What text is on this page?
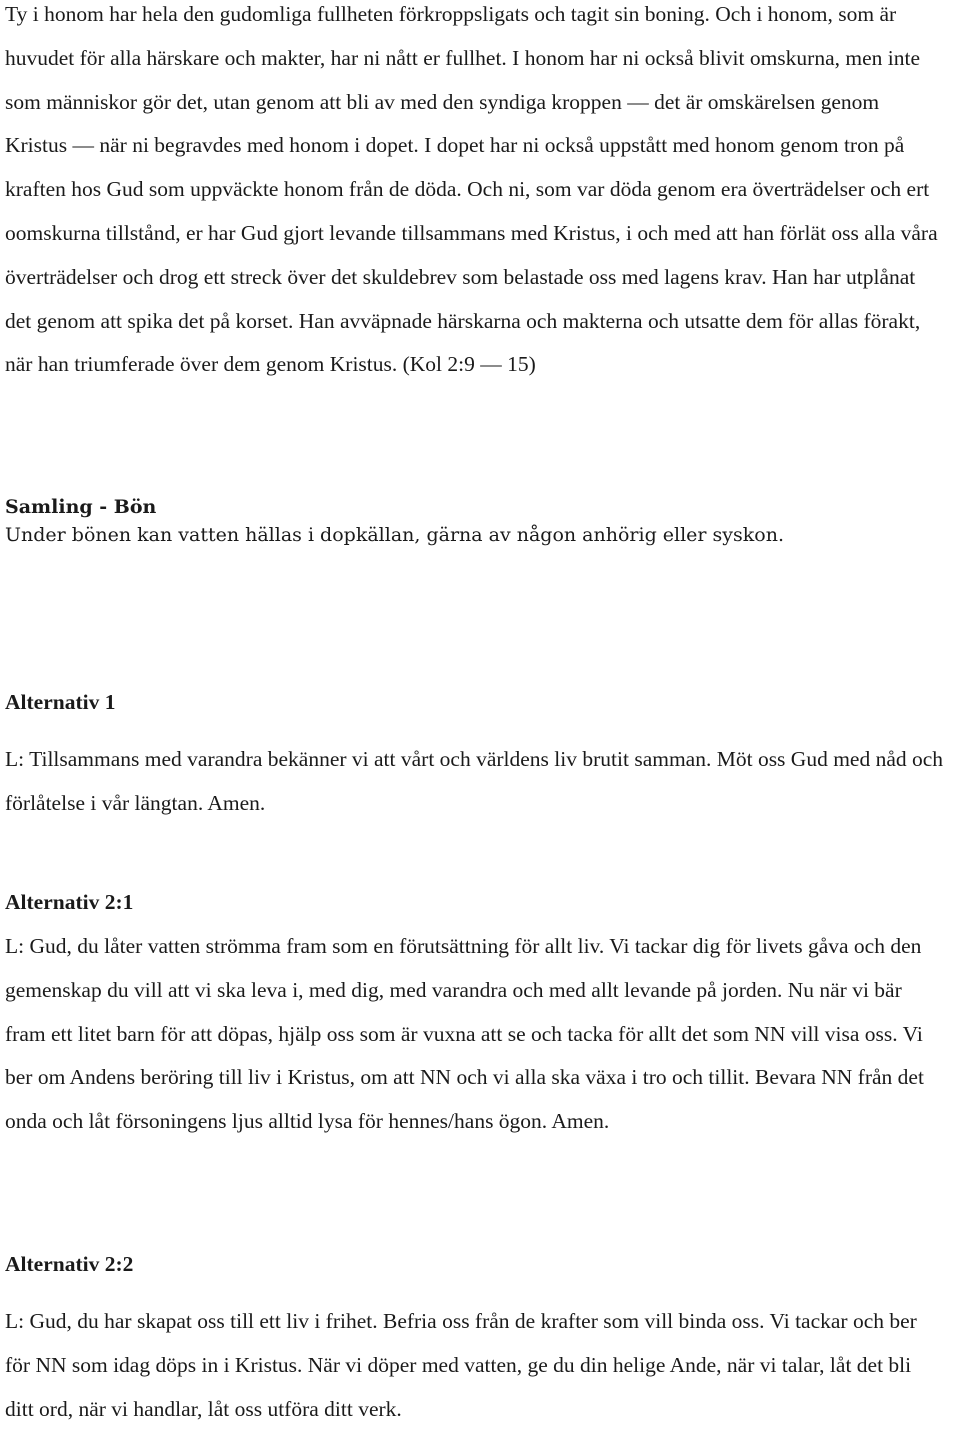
Ty i honom har hela den gudomliga fullheten förkroppsligats och tagit sin boning. Och i honom, som är huvudet för alla härskare och makter, har ni nått er fullhet. I honom har ni också blivit omskurna, men inte som människor gör det, utan genom att bli av med den syndiga kroppen — det är omskärelsen genom Kristus — när ni begravdes med honom i dopet. I dopet har ni också uppstått med honom genom tron på kraften hos Gud som uppväckte honom från de döda. Och ni, som var döda genom era överträdelser och ert oomskurna tillstånd, er har Gud gjort levande tillsammans med Kristus, i och med att han förlät oss alla våra överträdelser och drog ett streck över det skuldebrev som belastade oss med lagens krav. Han har utplånat det genom att spika det på korset. Han avväpnade härskarna och makterna och utsatte dem för allas förakt, när han triumferade över dem genom Kristus. (Kol 2:9 — 15)

Samling - Bön

Under bönen kan vatten hällas i dopkällan, gärna av någon anhörig eller syskon.

Alternativ 1

L: Tillsammans med varandra bekänner vi att vårt och världens liv brutit samman. Möt oss Gud med nåd och förlåtelse i vår längtan. Amen.

Alternativ 2:1

L: Gud, du låter vatten strömma fram som en förutsättning för allt liv. Vi tackar dig för livets gåva och den gemenskap du vill att vi ska leva i, med dig, med varandra och med allt levande på jorden. Nu när vi bär fram ett litet barn för att döpas, hjälp oss som är vuxna att se och tacka för allt det som NN vill visa oss. Vi ber om Andens beröring till liv i Kristus, om att NN och vi alla ska växa i tro och tillit. Bevara NN från det onda och låt försoningens ljus alltid lysa för hennes/hans ögon. Amen.

Alternativ 2:2

L: Gud, du har skapat oss till ett liv i frihet. Befria oss från de krafter som vill binda oss. Vi tackar och ber för NN som idag döps in i Kristus. När vi döper med vatten, ge du din helige Ande, när vi talar, låt det bli ditt ord, när vi handlar, låt oss utföra ditt verk.
